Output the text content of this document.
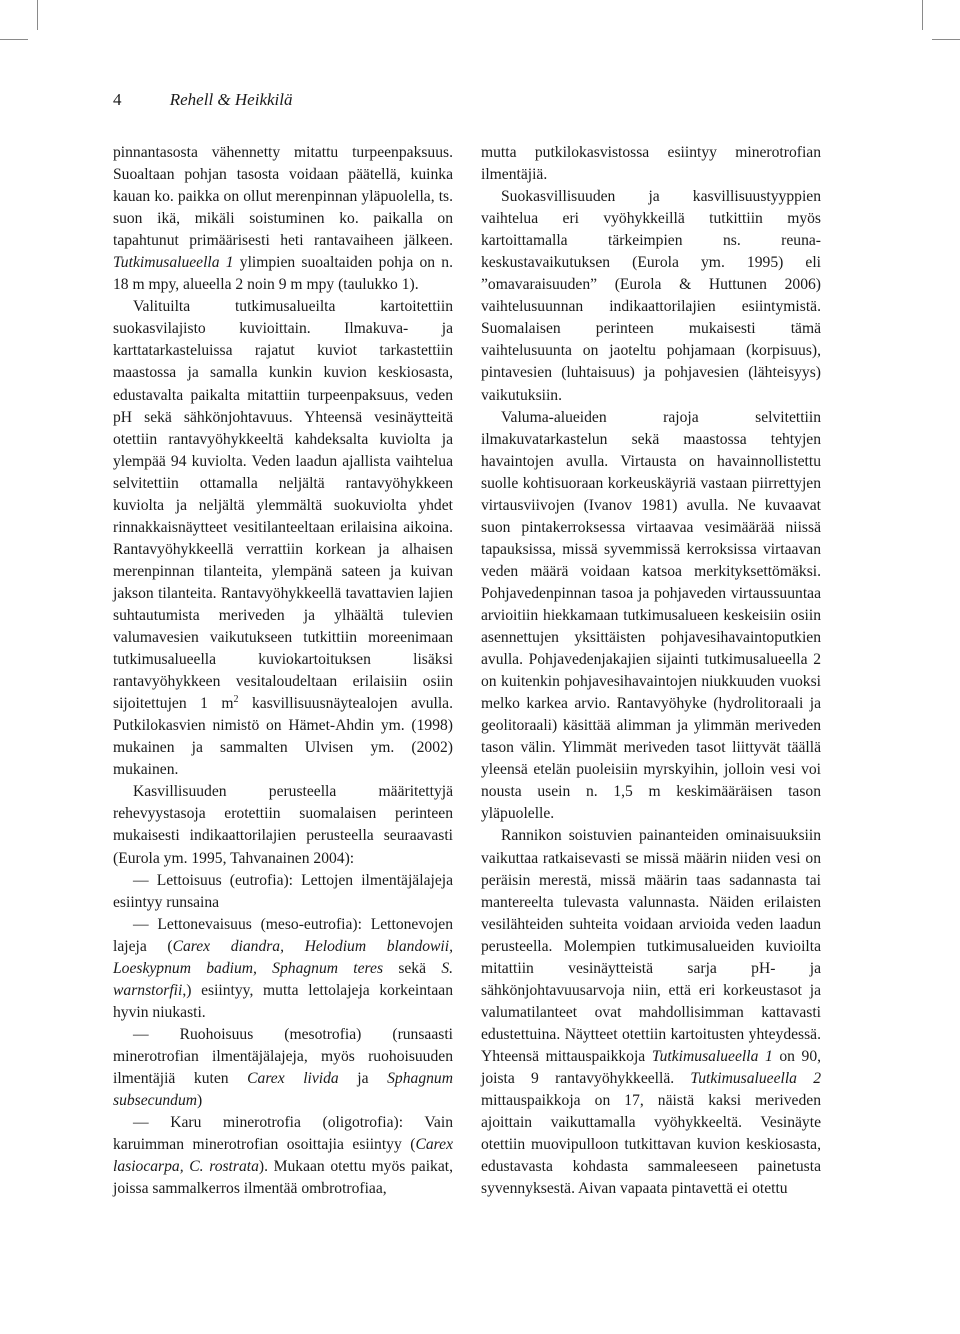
4	Rehell & Heikkilä

pinnantasosta vähennetty mitattu turpeenpaksuus. Suoaltaan pohjan tasosta voidaan päätellä, kuinka kauan ko. paikka on ollut merenpinnan yläpuolella, ts. suon ikä, mikäli soistuminen ko. paikalla on tapahtunut primäärisesti heti rantavaiheen jälkeen. Tutkimusalueella 1 ylimpien suoaltaiden pohja on n. 18 m mpy, alueella 2 noin 9 m mpy (taulukko 1).

Valituilta tutkimusalueilta kartoitettiin suokasvilajisto kuvioittain. Ilmakuva- ja karttatarkasteluissa rajatut kuviot tarkastettiin maastossa ja samalla kunkin kuvion keskiosasta, edustavalta paikalta mitattiin turpeenpaksuus, veden pH sekä sähkönjohtavuus. Yhteensä vesinäytteitä otettiin rantavyöhykkeeltä kahdeksalta kuviolta ja ylempää 94 kuviolta. Veden laadun ajallista vaihtelua selvitettiin ottamalla neljältä rantavyöhykkeen kuviolta ja neljältä ylemmältä suokuviolta yhdet rinnakkaisnäytteet vesitilanteeltaan erilaisina aikoina. Rantavyöhykkeellä verrattiin korkean ja alhaisen merenpinnan tilanteita, ylempänä sateen ja kuivan jakson tilanteita. Rantavyöhykkeellä tavattavien lajien suhtautumista meriveden ja ylhäältä tulevien valumavesien vaikutukseen tutkittiin moreenimaan tutkimusalueella kuviokartoituksen lisäksi rantavyöhykkeen vesitaloudeltaan erilaisiin osiin sijoitettujen 1 $m^2$ kasvillisuusnäytealojen avulla. Putkilokasvien nimistö on Hämet-Ahdin ym. (1998) mukainen ja sammalten Ulvisen ym. (2002) mukainen.

Kasvillisuuden perusteella määritettyjä rehevyystasoja erotettiin suomalaisen perinteen mukaisesti indikaattorilajien perusteella seuraavasti (Eurola ym. 1995, Tahvanainen 2004):

— Lettoisuus (eutrofia): Lettojen ilmentäjälajeja esiintyy runsaina

— Lettonevaisuus (meso-eutrofia): Lettonevojen lajeja (Carex diandra, Helodium blandowii, Loeskypnum badium, Sphagnum teres sekä S. warnstorfii,) esiintyy, mutta lettolajeja korkeintaan hyvin niukasti.

— Ruohoisuus (mesotrofia) (runsaasti minerotrofian ilmentäjälajeja, myös ruohoisuuden ilmentäjiä kuten Carex livida ja Sphagnum subsecundum)

— Karu minerotrofia (oligotrofia): Vain karuimman minerotrofian osoittajia esiintyy (Carex lasiocarpa, C. rostrata). Mukaan otettu myös paikat, joissa sammalkerros ilmentää ombrotrofiaa,

mutta putkilokasvistossa esiintyy minerotrofian ilmentäjiä.

Suokasvillisuuden ja kasvillisuustyyppien vaihtelua eri vyöhykkeillä tutkittiin myös kartoittamalla tärkeimpien ns. reuna-keskustavaikutuksen (Eurola ym. 1995) eli ”omavaraisuuden” (Eurola & Huttunen 2006) vaihtelusuunnan indikaattorilajien esiintymistä. Suomalaisen perinteen mukaisesti tämä vaihtelusuunta on jaoteltu pohjamaan (korpisuus), pintavesien (luhtaisuus) ja pohjavesien (lähteisyys) vaikutuksiin.

Valuma-alueiden rajoja selvitettiin ilmakuvatarkastelun sekä maastossa tehtyjen havaintojen avulla. Virtausta on havainnollistettu suolle kohtisuoraan korkeuskäyriä vastaan piirrettyjen virtausviivojen (Ivanov 1981) avulla. Ne kuvaavat suon pintakerroksessa virtaavaa vesimäärää niissä tapauksissa, missä syvemmissä kerroksissa virtaavan veden määrä voidaan katsoa merkityksettömäksi. Pohjavedenpinnan tasoa ja pohjaveden virtaussuuntaa arvioitiin hiekkamaan tutkimusalueen keskeisiin osiin asennettujen yksittäisten pohjavesihavaintoputkien avulla. Pohjavedenjakajien sijainti tutkimusalueella 2 on kuitenkin pohjavesihavaintojen niukkuuden vuoksi melko karkea arvio. Rantavyöhyke (hydrolitoraali ja geolitoraali) käsittää alimman ja ylimmän meriveden tason välin. Ylimmät meriveden tasot liittyvät täällä yleensä etelän puoleisiin myrskyihin, jolloin vesi voi nousta usein n. 1,5 m keskimääräisen tason yläpuolelle.

Rannikon soistuvien painanteiden ominaisuuksiin vaikuttaa ratkaisevasti se missä määrin niiden vesi on peräisin merestä, missä määrin taas sadannasta tai mantereelta tulevasta valunnasta. Näiden erilaisten vesilähteiden suhteita voidaan arvioida veden laadun perusteella. Molempien tutkimusalueiden kuvioilta mitattiin vesinäytteistä sarja pH- ja sähkönjohtavuusarvoja niin, että eri korkeustasot ja valumatilanteet ovat mahdollisimman kattavasti edustettuina. Näytteet otettiin kartoitusten yhteydessä. Yhteensä mittauspaikkoja Tutkimusalueella 1 on 90, joista 9 rantavyöhykkeellä. Tutkimusalueella 2 mittauspaikkoja on 17, näistä kaksi meriveden ajoittain vaikuttamalla vyöhykkeeltä. Vesinäyte otettiin muovipulloon tutkittavan kuvion keskiosasta, edustavasta kohdasta sammaleeseen painetusta syvennyksestä. Aivan vapaata pintavettä ei otettu
